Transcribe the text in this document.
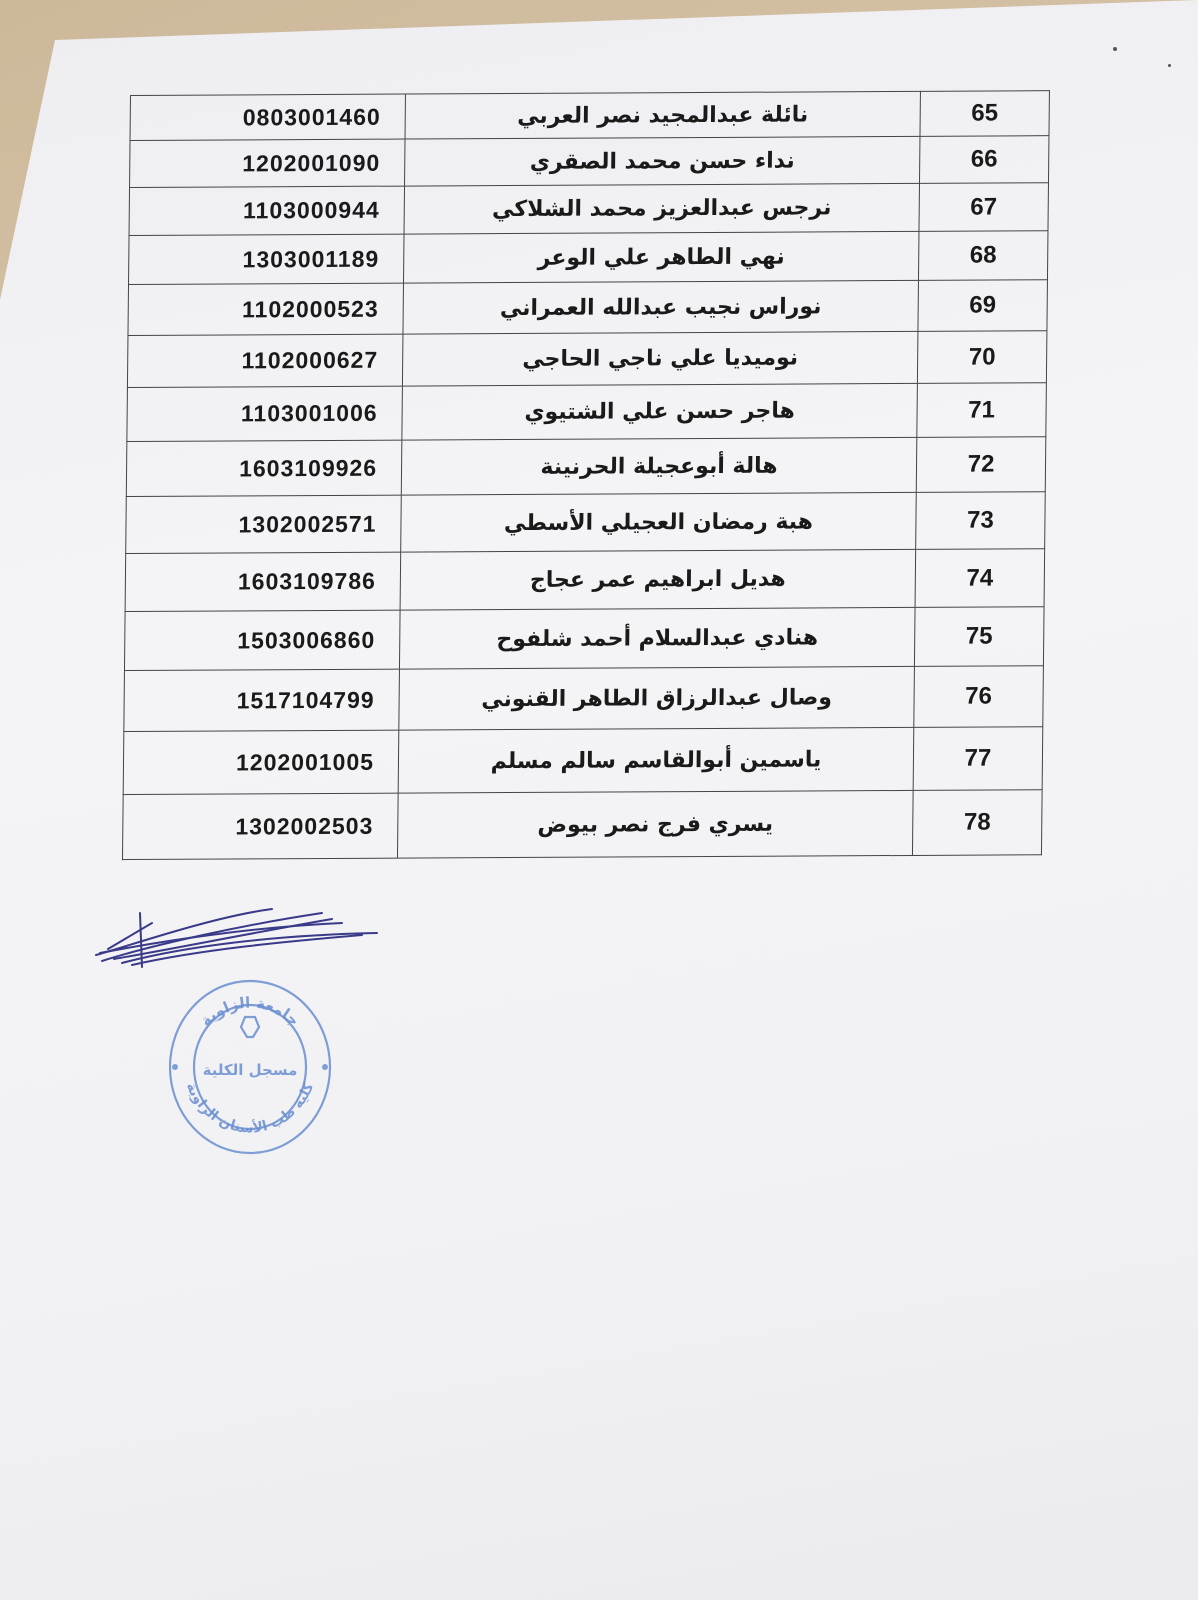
0803001460	نائلة عبدالمجيد نصر العربي	65
1202001090	نداء حسن محمد الصقري	66
1103000944	نرجس عبدالعزيز محمد الشلاكي	67
1303001189	نهي الطاهر علي الوعر	68
1102000523	نوراس نجيب عبدالله العمراني	69
1102000627	نوميديا علي ناجي الحاجي	70
1103001006	هاجر حسن علي الشتيوي	71
1603109926	هالة أبوعجيلة الحرنينة	72
1302002571	هبة رمضان العجيلي الأسطي	73
1603109786	هديل ابراهيم عمر عجاج	74
1503006860	هنادي عبدالسلام أحمد شلفوح	75
1517104799	وصال عبدالرزاق الطاهر القنوني	76
1202001005	ياسمين أبوالقاسم سالم مسلم	77
1302002503	يسري فرج نصر بيوض	78
جامعة الزاوية
مسجل الكلية
كلية طب الأسنان الزاوية
